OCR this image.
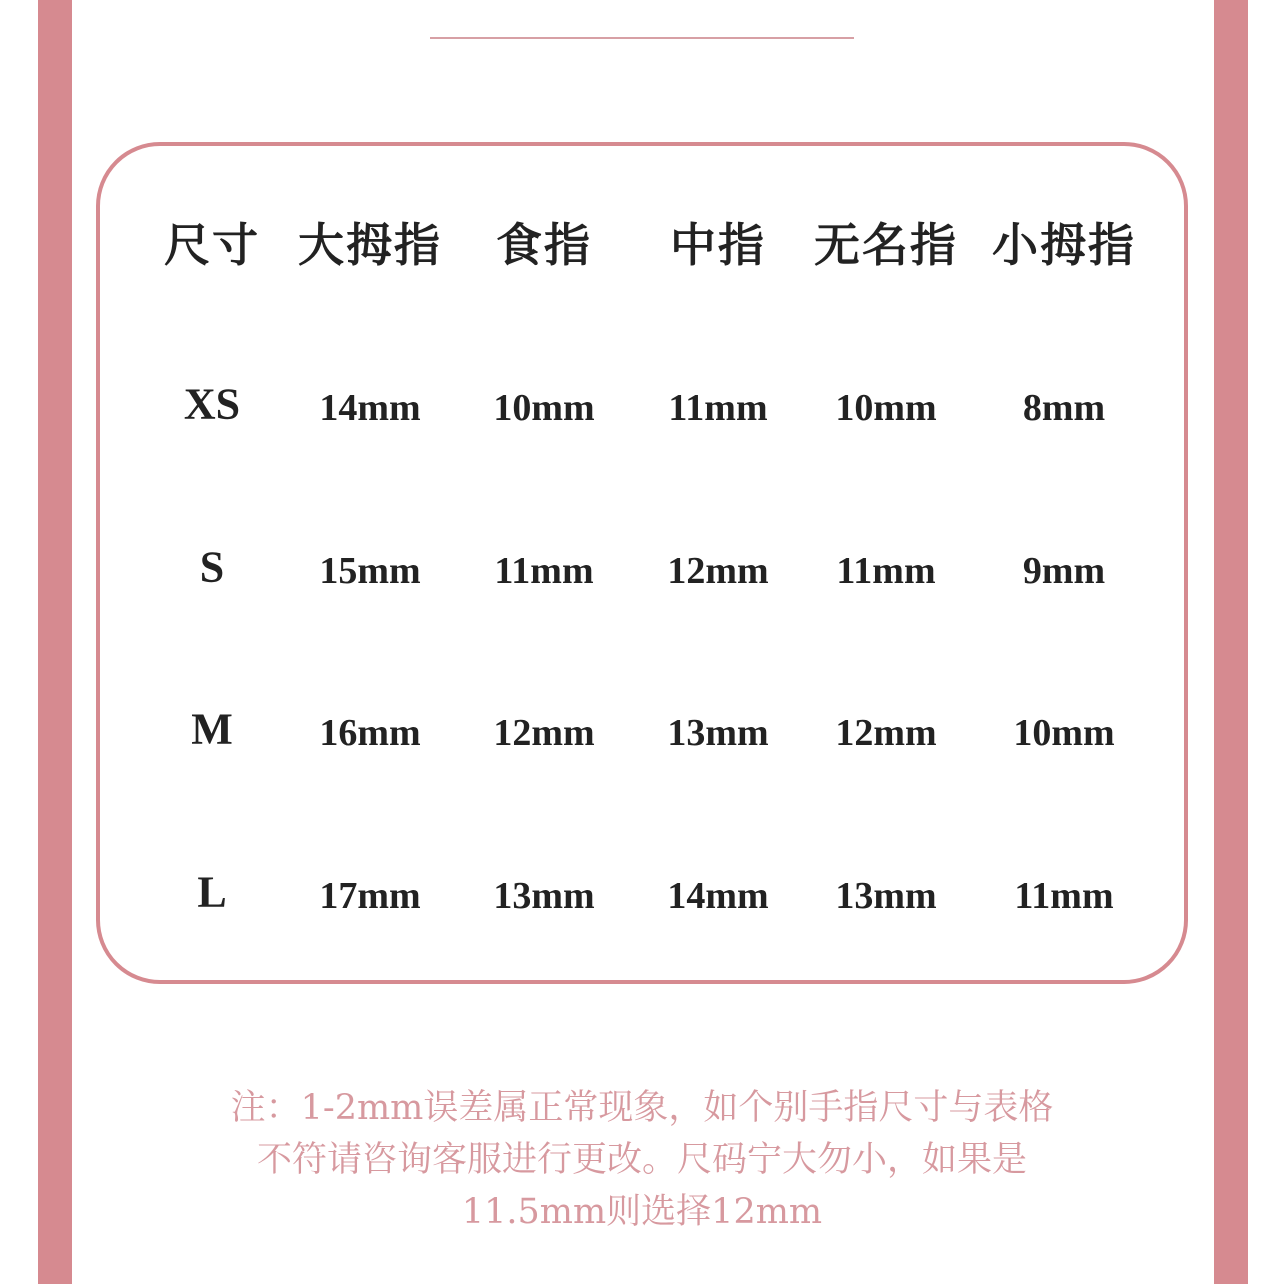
尺寸 大拇指 食指 中指 无名指 小拇指
XS 14mm 10mm 11mm 10mm 8mm
S	15mm 11mm 12mm 11mm 9mm
M 16mm 12mm 13mm 12mm 10mm
L 17mm 13mm 14mm 13mm 11mm
注：1-2mm误差属正常现象，如个别手指尺寸与表格
不符请咨询客服进行更改。尺码宁大勿小，如果是
11.5mm则选择12mm
